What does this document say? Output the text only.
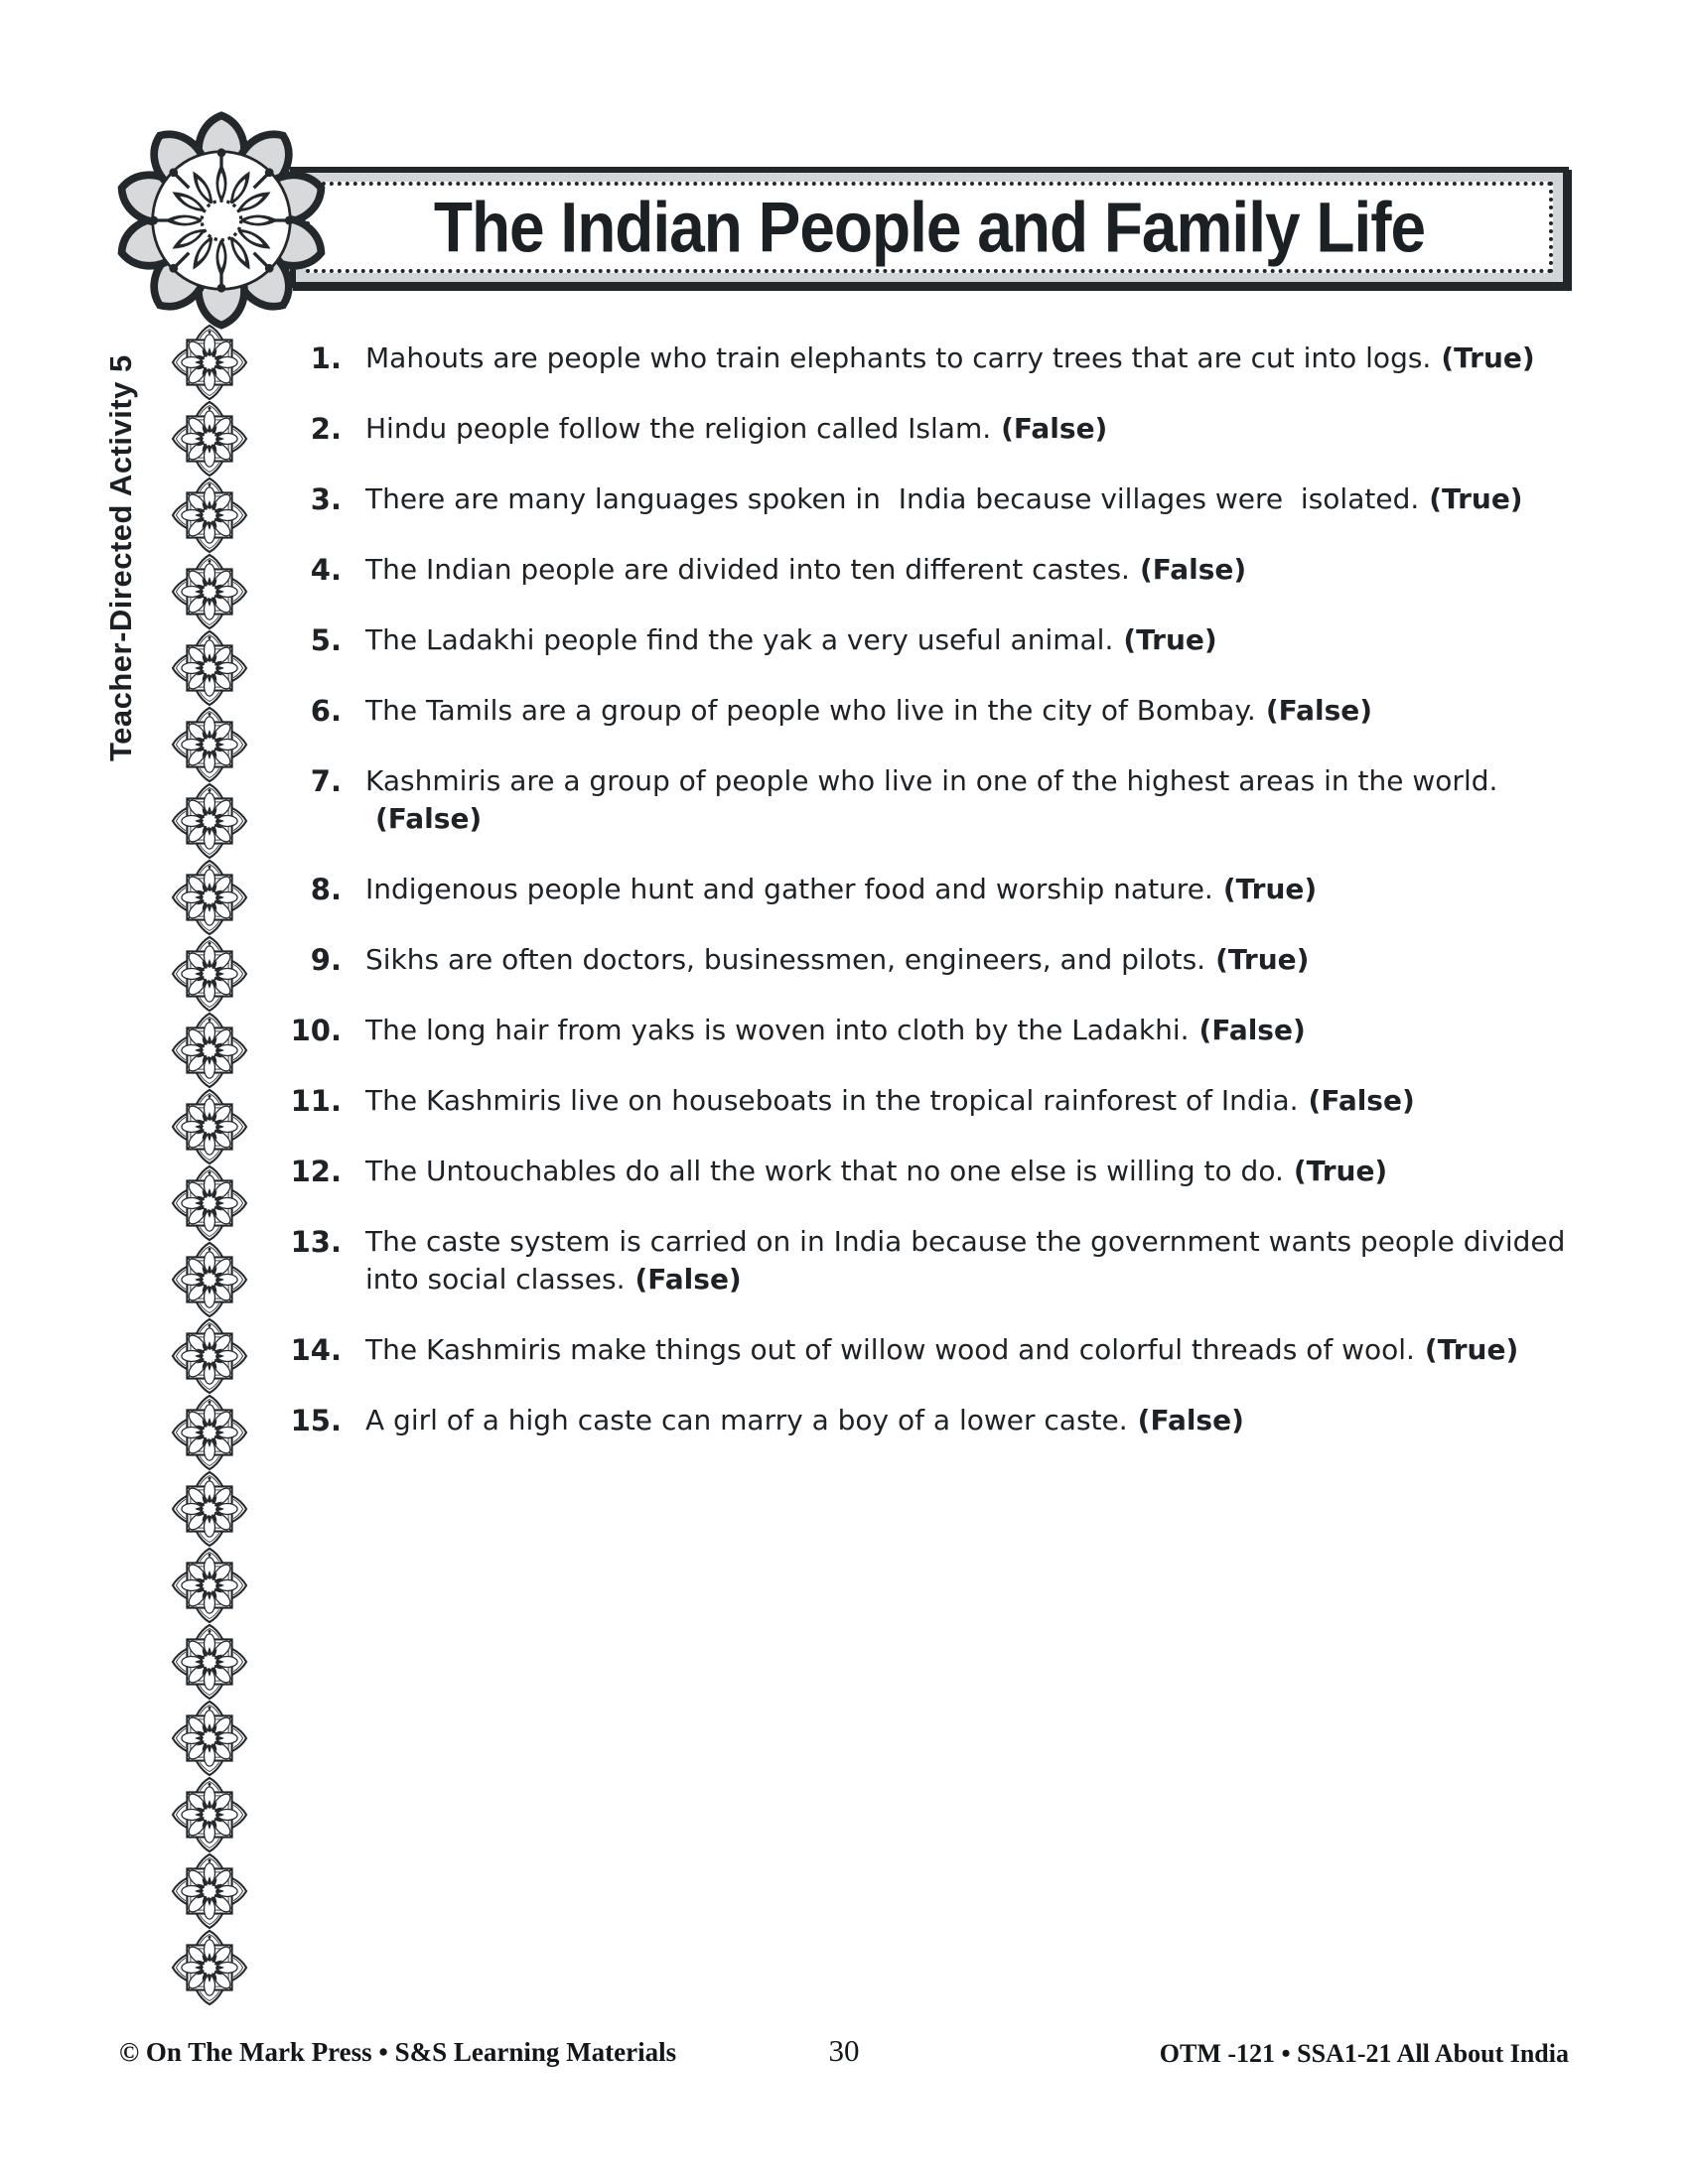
The Indian People and Family Life
Teacher-Directed Activity 5	1. Mahouts are people who train elephants to carry trees that are cut into logs. (True)
2. Hindu people follow the religion called Islam. (False)
3. There are many languages spoken in  India because villages were  isolated. (True)
4. The Indian people are divided into ten different castes. (False)
5. The Ladakhi people find the yak a very useful animal. (True)
6. The Tamils are a group of people who live in the city of Bombay. (False)
7. Kashmiris are a group of people who live in one of the highest areas in the world.(False)
8. Indigenous people hunt and gather food and worship nature. (True)
9. Sikhs are often doctors, businessmen, engineers, and pilots. (True)
10. The long hair from yaks is woven into cloth by the Ladakhi. (False)
11. The Kashmiris live on houseboats in the tropical rainforest of India. (False)
12. The Untouchables do all the work that no one else is willing to do. (True)
13. The caste system is carried on in India because the government wants people divided into social classes. (False)
14. The Kashmiris make things out of willow wood and colorful threads of wool. (True)
15. A girl of a high caste can marry a boy of a lower caste. (False)
© On The Mark Press • S&S Learning Materials	30	OTM -121 • SSA1-21 All About India
